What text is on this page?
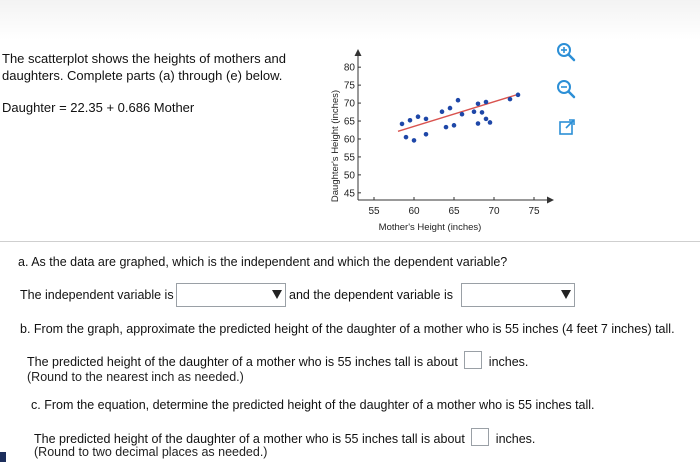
The scatterplot shows the heights of mothers and daughters. Complete parts (a) through (e) below.
Daughter = 22.35 + 0.686 Mother
55	60	65	70	75
45
50
55
60
65
70
75
80
Mother's Height (inches)
Daughter's Height (inches)
a. As the data are graphed, which is the independent and which the dependent variable?
The independent variable is	and the dependent variable is
b. From the graph, approximate the predicted height of the daughter of a mother who is 55 inches (4 feet 7 inches) tall.
The predicted height of the daughter of a mother who is 55 inches tall is about inches.
(Round to the nearest inch as needed.)
c. From the equation, determine the predicted height of the daughter of a mother who is 55 inches tall.
The predicted height of the daughter of a mother who is 55 inches tall is about inches.
(Round to two decimal places as needed.)
